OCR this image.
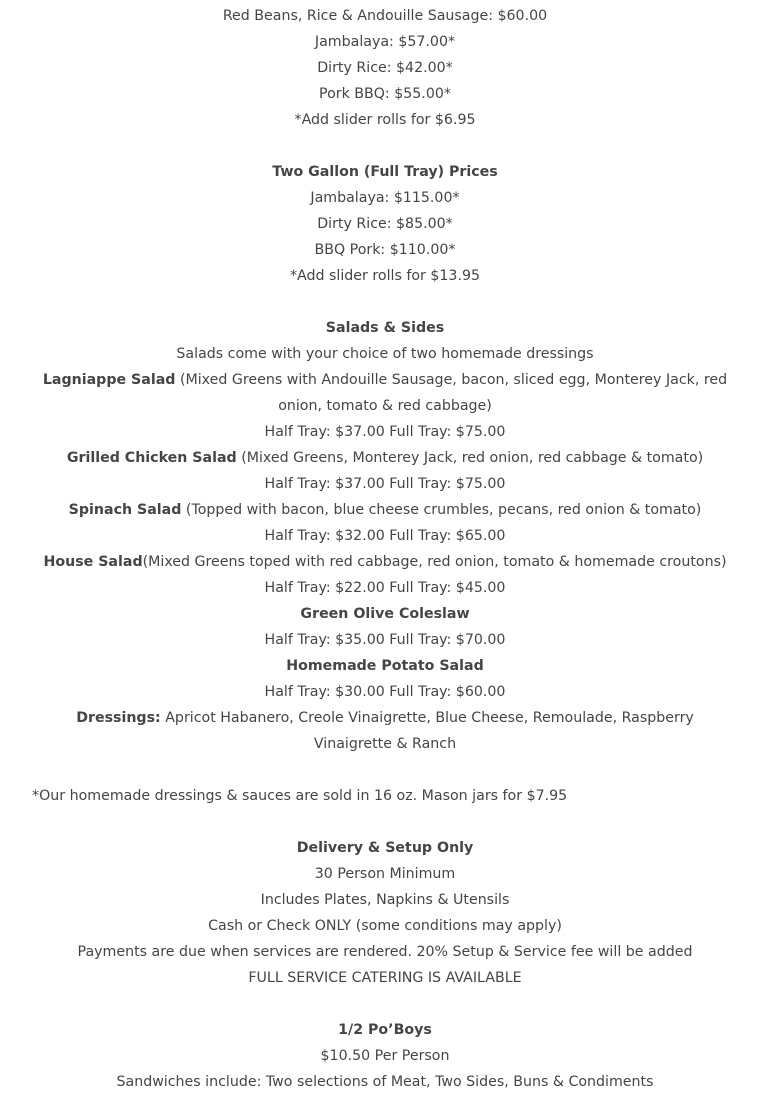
Red Beans, Rice & Andouille Sausage: $60.00
Jambalaya: $57.00*
Dirty Rice: $42.00*
Pork BBQ: $55.00*
*Add slider rolls for $6.95
Two Gallon (Full Tray) Prices
Jambalaya: $115.00*
Dirty Rice: $85.00*
BBQ Pork: $110.00*
*Add slider rolls for $13.95
Salads & Sides
Salads come with your choice of two homemade dressings
Lagniappe Salad (Mixed Greens with Andouille Sausage, bacon, sliced egg, Monterey Jack, red onion, tomato & red cabbage)
Half Tray: $37.00 Full Tray: $75.00
Grilled Chicken Salad (Mixed Greens, Monterey Jack, red onion, red cabbage & tomato)
Half Tray: $37.00 Full Tray: $75.00
Spinach Salad (Topped with bacon, blue cheese crumbles, pecans, red onion & tomato)
Half Tray: $32.00 Full Tray: $65.00
House Salad(Mixed Greens toped with red cabbage, red onion, tomato & homemade croutons)
Half Tray: $22.00 Full Tray: $45.00
Green Olive Coleslaw
Half Tray: $35.00 Full Tray: $70.00
Homemade Potato Salad
Half Tray: $30.00 Full Tray: $60.00
Dressings: Apricot Habanero, Creole Vinaigrette, Blue Cheese, Remoulade, Raspberry Vinaigrette & Ranch
*Our homemade dressings & sauces are sold in 16 oz. Mason jars for $7.95
Delivery & Setup Only
30 Person Minimum
Includes Plates, Napkins & Utensils
Cash or Check ONLY (some conditions may apply)
Payments are due when services are rendered. 20% Setup & Service fee will be added
FULL SERVICE CATERING IS AVAILABLE
1/2 Po’Boys
$10.50 Per Person
Sandwiches include: Two selections of Meat, Two Sides, Buns & Condiments
